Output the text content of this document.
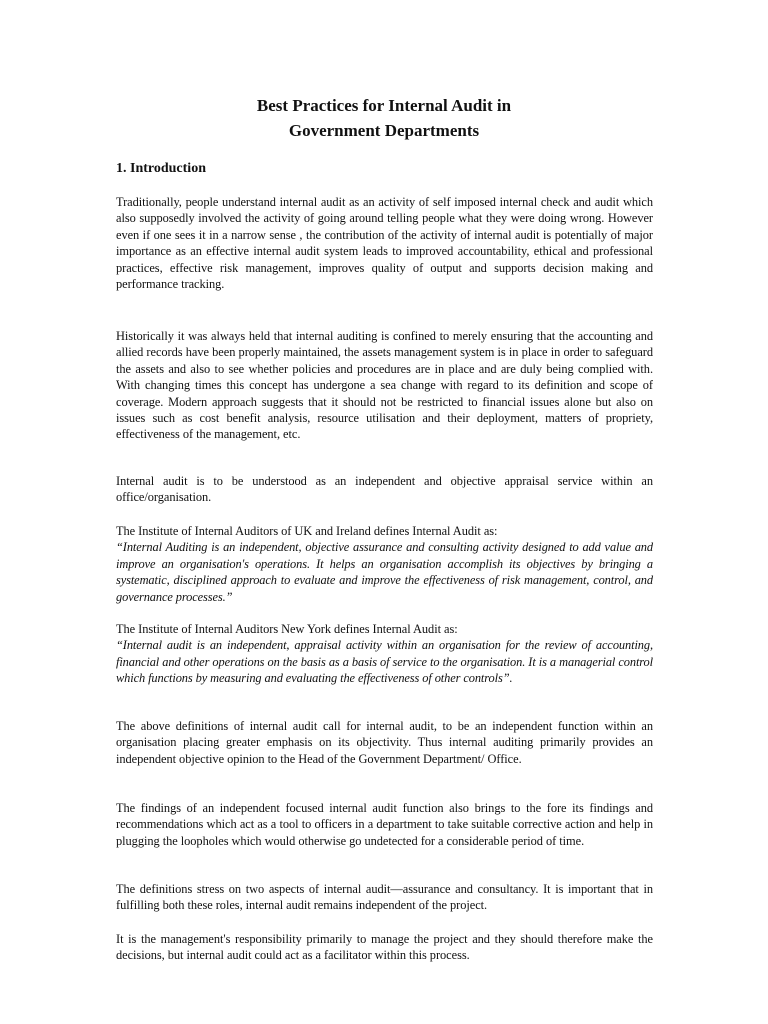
Best Practices for Internal Audit in
Government Departments
1. Introduction
Traditionally, people understand internal audit as an activity of self imposed internal check and audit which also supposedly involved the activity of going around telling people what they were doing wrong. However even if one sees it in a narrow sense , the contribution of the activity of internal audit is potentially of major importance as an effective internal audit system leads to improved accountability, ethical and professional practices, effective risk management, improves quality of output and supports decision making and performance tracking.
Historically it was always held that internal auditing is confined to merely ensuring that the accounting and allied records have been properly maintained, the assets management system is in place in order to safeguard the assets and also to see whether policies and procedures are in place and are duly being complied with. With changing times this concept has undergone a sea change with regard to its definition and scope of coverage. Modern approach suggests that it should not be restricted to financial issues alone but also on issues such as cost benefit analysis, resource utilisation and their deployment, matters of propriety, effectiveness of the management, etc.
Internal audit is to be understood as an independent and objective appraisal service within an office/organisation.
The Institute of Internal Auditors of UK and Ireland defines Internal Audit as:
“Internal Auditing is an independent, objective assurance and consulting activity designed to add value and improve an organisation's operations. It helps an organisation accomplish its objectives by bringing a systematic, disciplined approach to evaluate and improve the effectiveness of risk management, control, and governance processes.”
The Institute of Internal Auditors New York defines Internal Audit as:
“Internal audit is an independent, appraisal activity within an organisation for the review of accounting, financial and other operations on the basis as a basis of service to the organisation. It is a managerial control which functions by measuring and evaluating the effectiveness of other controls”.
The above definitions of internal audit call for internal audit, to be an independent function within an organisation placing greater emphasis on its objectivity. Thus internal auditing primarily provides an independent objective opinion to the Head of the Government Department/ Office.
The findings of an independent focused internal audit function also brings to the fore its findings and recommendations which act as a tool to officers in a department to take suitable corrective action and help in plugging the loopholes which would otherwise go undetected for a considerable period of time.
The definitions stress on two aspects of internal audit—assurance and consultancy. It is important that in fulfilling both these roles, internal audit remains independent of the project.
It is the management's responsibility primarily to manage the project and they should therefore make the decisions, but internal audit could act as a facilitator within this process.
